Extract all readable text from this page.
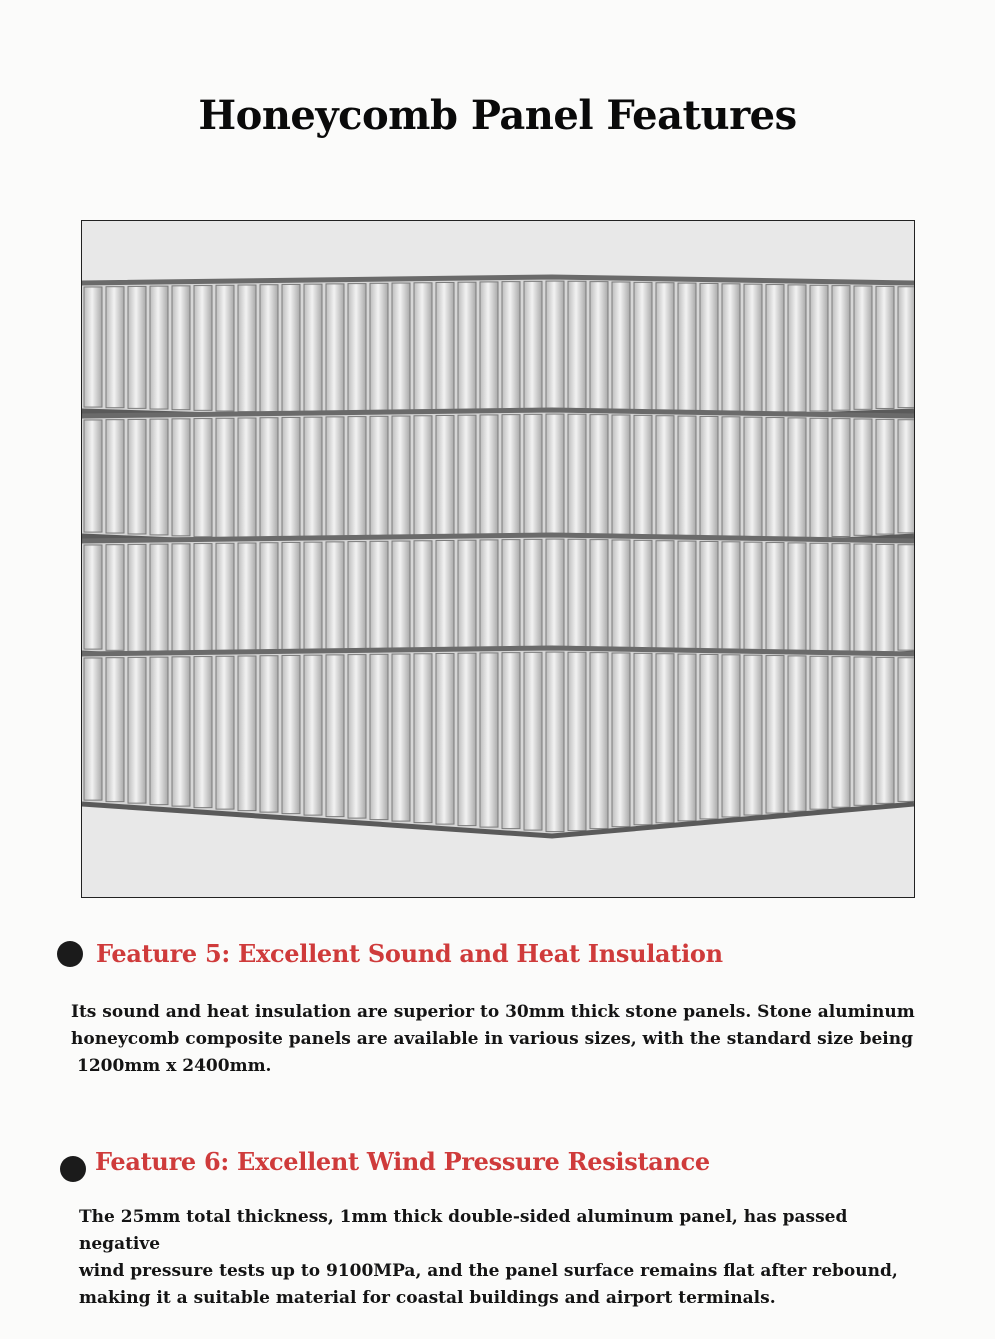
Honeycomb Panel Features
Feature 5: Excellent Sound and Heat Insulation
Its sound and heat insulation are superior to 30mm thick stone panels. Stone aluminum
honeycomb composite panels are available in various sizes, with the standard size being
1200mm x 2400mm.
Feature 6: Excellent Wind Pressure Resistance
The 25mm total thickness, 1mm thick double-sided aluminum panel, has passed negative
wind pressure tests up to 9100MPa, and the panel surface remains flat after rebound,
making it a suitable material for coastal buildings and airport terminals.
